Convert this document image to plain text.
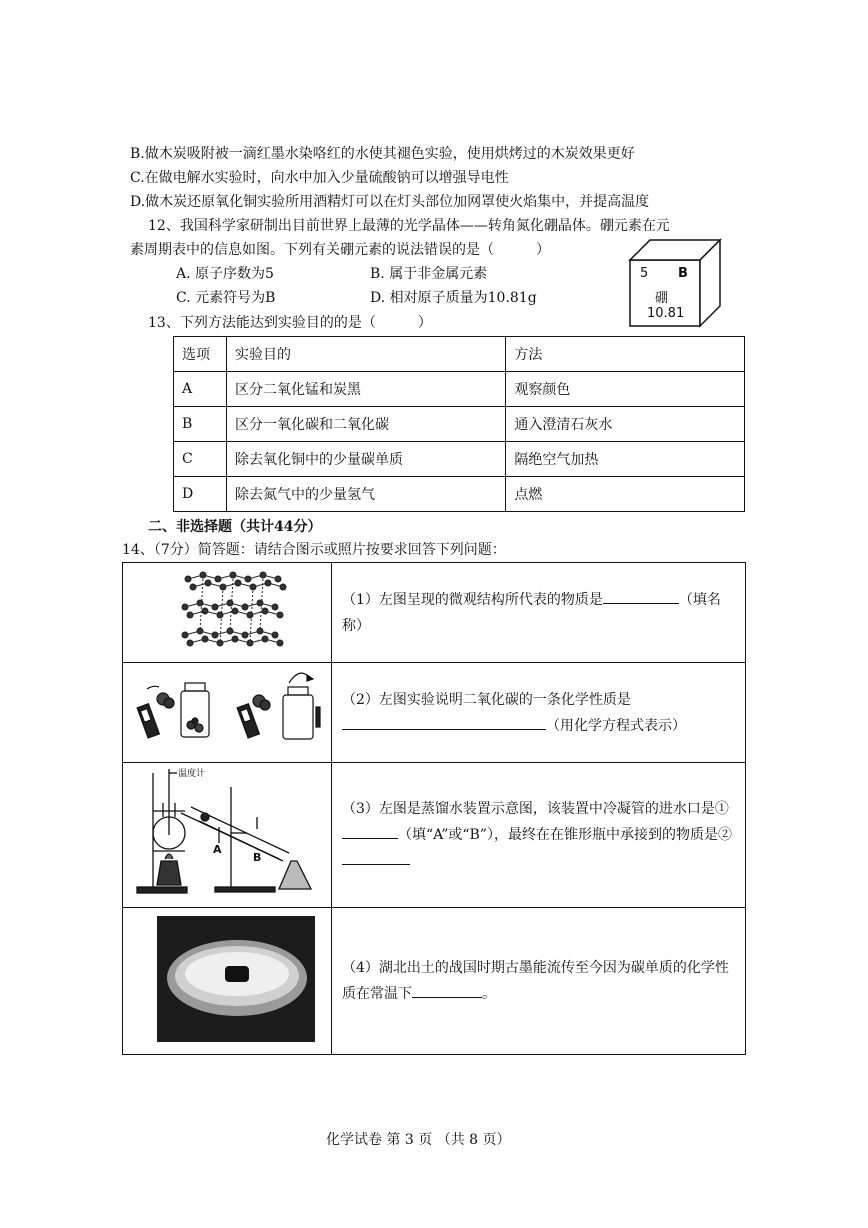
B.做木炭吸附被一滴红墨水染咯红的水使其褪色实验，使用烘烤过的木炭效果更好
C.在做电解水实验时，向水中加入少量硫酸钠可以增强导电性
D.做木炭还原氧化铜实验所用酒精灯可以在灯头部位加网罩使火焰集中，并提高温度
12、我国科学家研制出目前世界上最薄的光学晶体——转角氮化硼晶体。硼元素在元
素周期表中的信息如图。下列有关硼元素的说法错误的是（　　　）
A. 原子序数为5	B. 属于非金属元素
C. 元素符号为B	D. 相对原子质量为10.81g
5 B
硼
10.81
13、下列方法能达到实验目的的是（　　　）
选项	实验目的	方法
A	区分二氧化锰和炭黑	观察颜色
B	区分一氧化碳和二氧化碳	通入澄清石灰水
C	除去氧化铜中的少量碳单质	隔绝空气加热
D	除去氮气中的少量氢气	点燃
二、非选择题（共计44分）
14、（7分）简答题：请结合图示或照片按要求回答下列问题：
	（1）左图呈现的微观结构所代表的物质是 （填名称）
	（2）左图实验说明二氧化碳的一条化学性质是
（用化学方程式表示）

温度计
A
B	（3）左图是蒸馏水装置示意图，该装置中冷凝管的进水口是①（填“A”或“B”），最终在在锥形瓶中承接到的物质是②
	（4）湖北出土的战国时期古墨能流传至今因为碳单质的化学性质在常温下 。
化学试卷 第 3 页 （共 8 页）
